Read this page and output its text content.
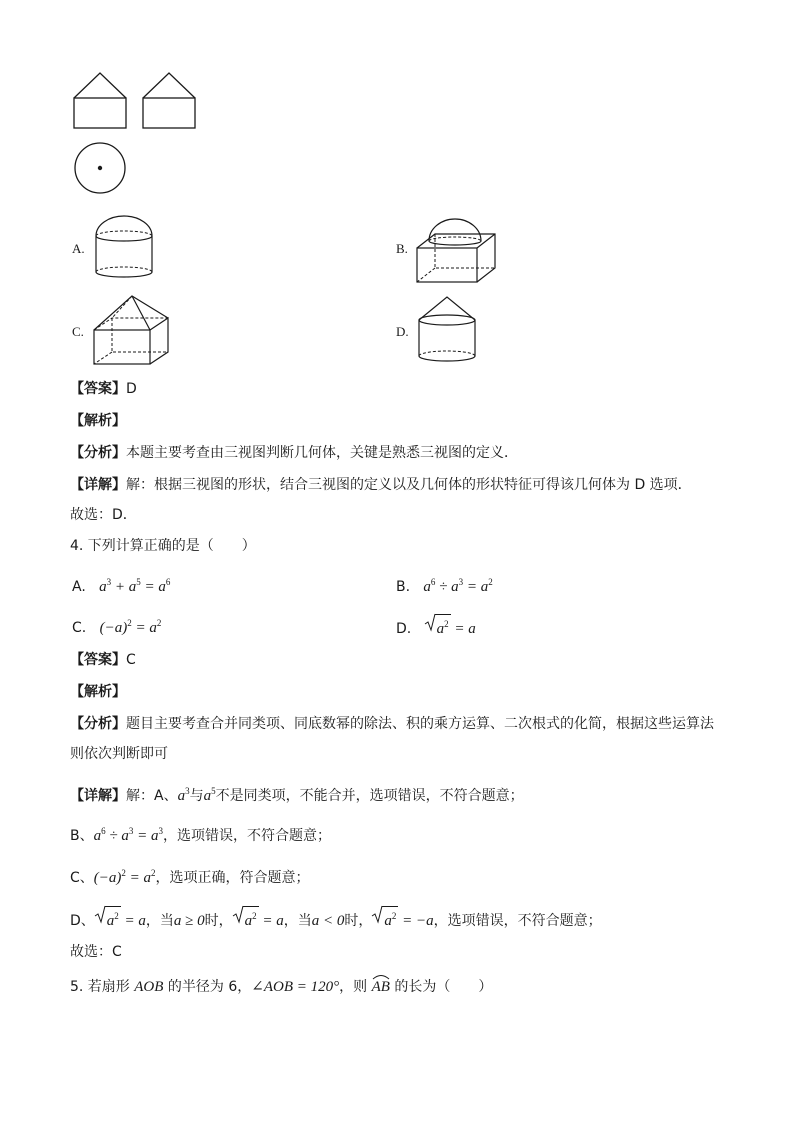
A.	B.
C.	D.
【答案】D
【解析】
【分析】本题主要考查由三视图判断几何体，关键是熟悉三视图的定义．
【详解】解：根据三视图的形状，结合三视图的定义以及几何体的形状特征可得该几何体为 D 选项．
故选：D．
4. 下列计算正确的是（　　）
A. $a^3 + a^5 = a^6$	B. $a^6 \div a^3 = a^2$
C. $(-a)^2 = a^2$	D. $a^2 = a$
【答案】C
【解析】
【分析】题目主要考查合并同类项、同底数幂的除法、积的乘方运算、二次根式的化简，根据这些运算法
则依次判断即可
【详解】解：A、$a^3$与$a^5$不是同类项，不能合并，选项错误，不符合题意；
B、$a^6 \div a^3 = a^3$，选项错误，不符合题意；
C、$(-a)^2 = a^2$，选项正确，符合题意；
D、 $a^2 = a$，当a ≥ 0时， $a^2 = a$，当a < 0时， $a^2 = -a$，选项错误，不符合题意；
故选：C
5. 若扇形 AOB 的半径为 6，∠AOB = 120°，则 AB 的长为（　　）
